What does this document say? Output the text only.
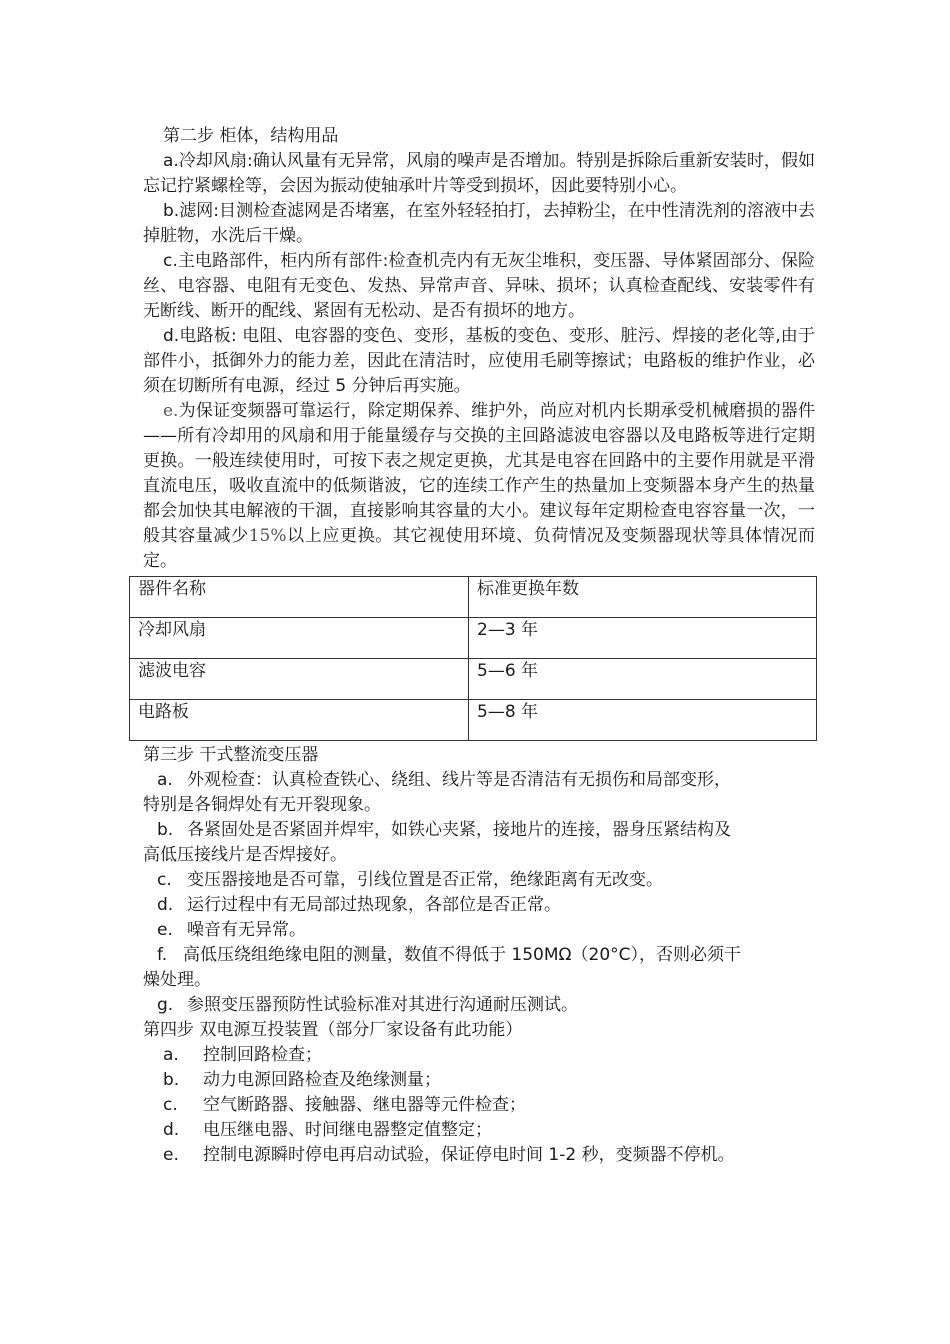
第二步 柜体，结构用品

a.冷却风扇:确认风量有无异常，风扇的噪声是否增加。特别是拆除后重新安装时，假如忘记拧紧螺栓等，会因为振动使轴承叶片等受到损坏，因此要特别小心。

b.滤网:目测检查滤网是否堵塞，在室外轻轻拍打，去掉粉尘，在中性清洗剂的溶液中去掉脏物，水洗后干燥。

c.主电路部件，柜内所有部件:检查机壳内有无灰尘堆积，变压器、导体紧固部分、保险丝、电容器、电阻有无变色、发热、异常声音、异味、损坏；认真检查配线、安装零件有无断线、断开的配线、紧固有无松动、是否有损坏的地方。

d.电路板: 电阻、电容器的变色、变形，基板的变色、变形、脏污、焊接的老化等,由于部件小，抵御外力的能力差，因此在清洁时，应使用毛刷等擦试；电路板的维护作业，必须在切断所有电源，经过 5 分钟后再实施。

e.为保证变频器可靠运行，除定期保养、维护外，尚应对机内长期承受机械磨损的器件——所有冷却用的风扇和用于能量缓存与交换的主回路滤波电容器以及电路板等进行定期更换。一般连续使用时，可按下表之规定更换，尤其是电容在回路中的主要作用就是平滑直流电压，吸收直流中的低频谐波，它的连续工作产生的热量加上变频器本身产生的热量都会加快其电解液的干涸，直接影响其容量的大小。建议每年定期检查电容容量一次，一般其容量减少15%以上应更换。其它视使用环境、负荷情况及变频器现状等具体情况而定。

器件名称	标准更换年数
冷却风扇	2—3 年
滤波电容	5—6 年
电路板	5—8 年

第三步 干式整流变压器

a. 外观检查：认真检查铁心、绕组、线片等是否清洁有无损伤和局部变形，

特别是各铜焊处有无开裂现象。

b. 各紧固处是否紧固并焊牢，如铁心夹紧，接地片的连接，器身压紧结构及

高低压接线片是否焊接好。

c. 变压器接地是否可靠，引线位置是否正常，绝缘距离有无改变。

d. 运行过程中有无局部过热现象，各部位是否正常。

e. 噪音有无异常。

f. 高低压绕组绝缘电阻的测量，数值不得低于 150MΩ（20°C），否则必须干

燥处理。

g. 参照变压器预防性试验标准对其进行沟通耐压测试。

第四步 双电源互投装置（部分厂家设备有此功能）

a. 控制回路检查；

b. 动力电源回路检查及绝缘测量；

c. 空气断路器、接触器、继电器等元件检查；

d. 电压继电器、时间继电器整定值整定；

e. 控制电源瞬时停电再启动试验，保证停电时间 1-2 秒，变频器不停机。
